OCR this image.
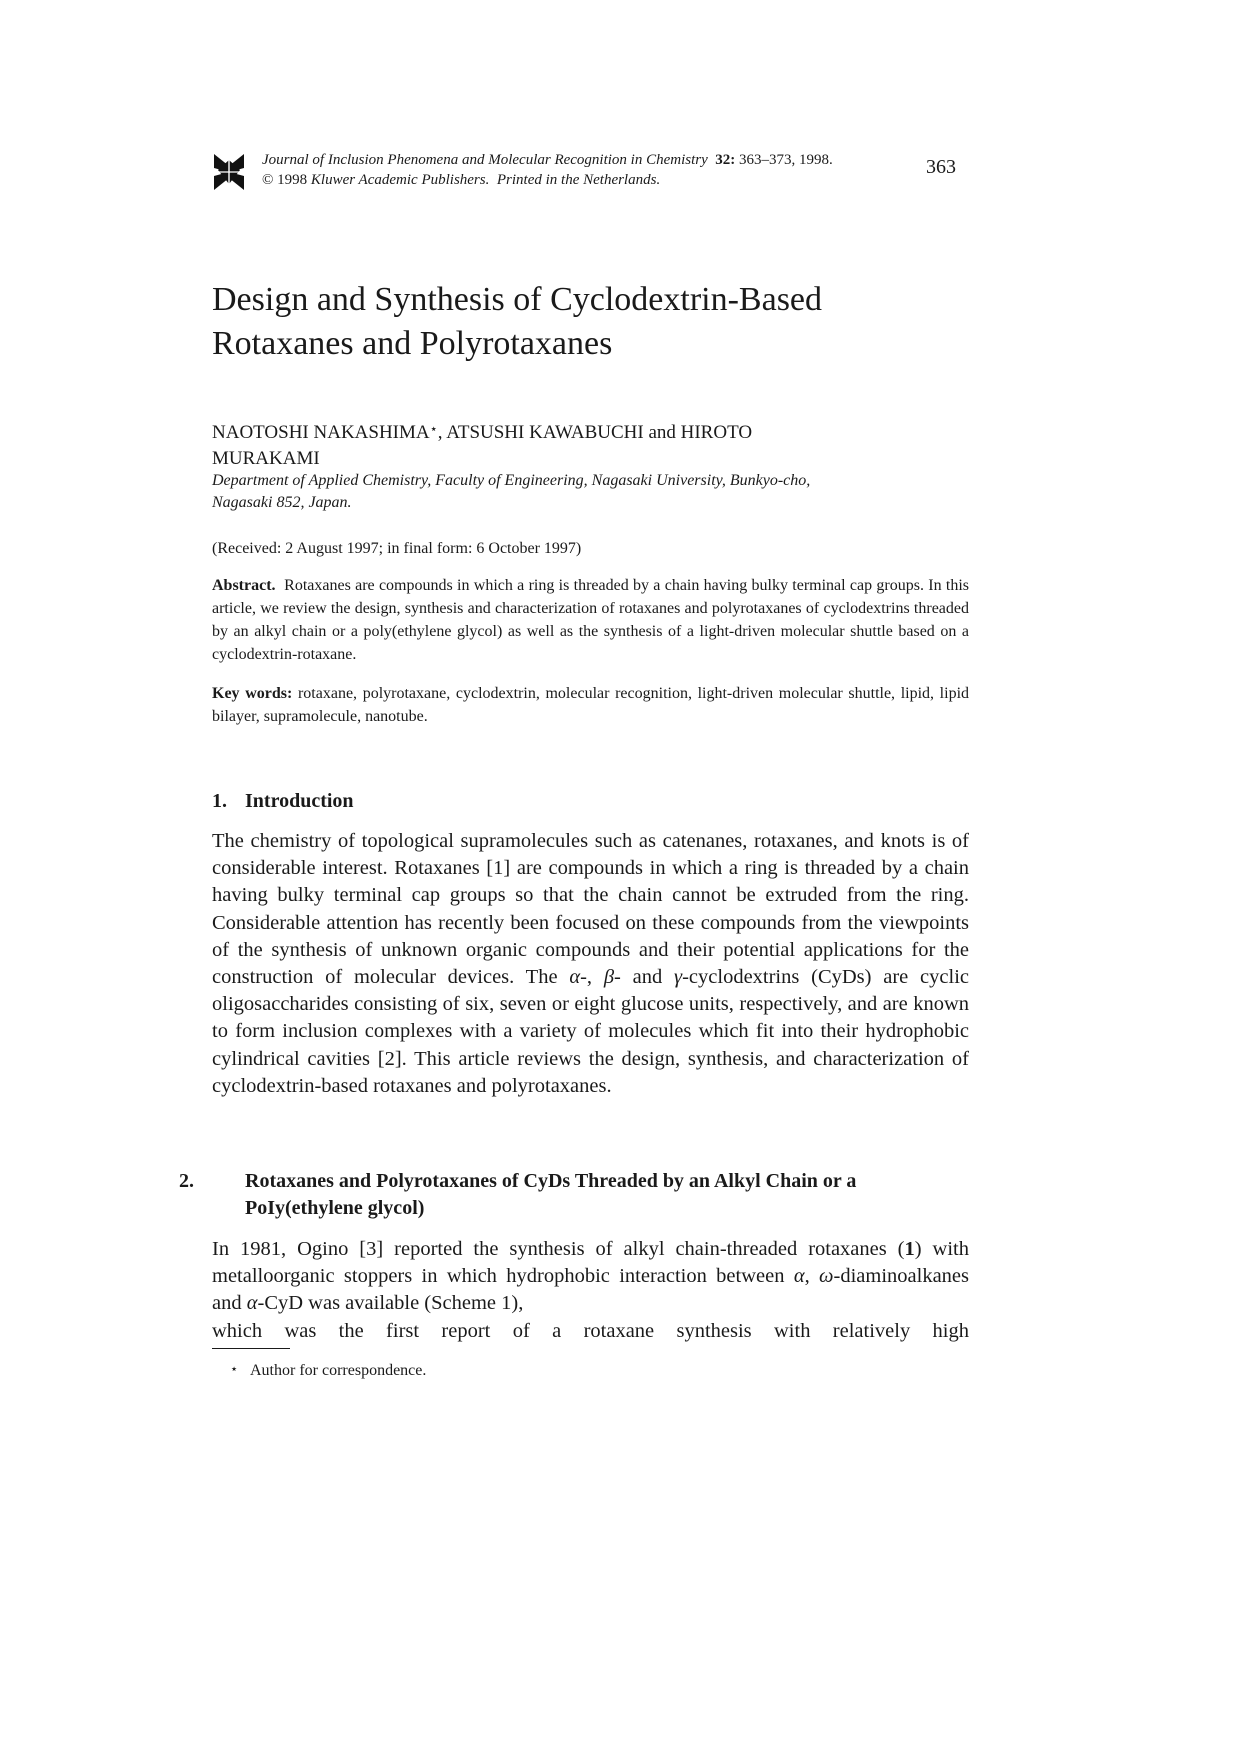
Journal of Inclusion Phenomena and Molecular Recognition in Chemistry 32: 363–373, 1998.
© 1998 Kluwer Academic Publishers. Printed in the Netherlands.
363
Design and Synthesis of Cyclodextrin-Based
Rotaxanes and Polyrotaxanes

NAOTOSHI NAKASHIMA⋆, ATSUSHI KAWABUCHI and HIROTO
MURAKAMI

Department of Applied Chemistry, Faculty of Engineering, Nagasaki University, Bunkyo-cho,
Nagasaki 852, Japan.

(Received: 2 August 1997; in final form: 6 October 1997)

Abstract. Rotaxanes are compounds in which a ring is threaded by a chain having bulky terminal cap groups. In this article, we review the design, synthesis and characterization of rotaxanes and polyrotaxanes of cyclodextrins threaded by an alkyl chain or a poly(ethylene glycol) as well as the synthesis of a light-driven molecular shuttle based on a cyclodextrin-rotaxane.

Key words: rotaxane, polyrotaxane, cyclodextrin, molecular recognition, light-driven molecular shuttle, lipid, lipid bilayer, supramolecule, nanotube.

1. Introduction

The chemistry of topological supramolecules such as catenanes, rotaxanes, and knots is of considerable interest. Rotaxanes [1] are compounds in which a ring is threaded by a chain having bulky terminal cap groups so that the chain cannot be extruded from the ring. Considerable attention has recently been focused on these compounds from the viewpoints of the synthesis of unknown organic compounds and their potential applications for the construction of molecular devices. The α-, β- and γ-cyclodextrins (CyDs) are cyclic oligosaccharides consisting of six, seven or eight glucose units, respectively, and are known to form inclusion complexes with a variety of molecules which fit into their hydrophobic cylindrical cavities [2]. This article reviews the design, synthesis, and characterization of cyclodextrin-based rotaxanes and polyrotaxanes.

2.	Rotaxanes and Polyrotaxanes of CyDs Threaded by an Alkyl Chain or a PoIy(ethylene glycol)

In 1981, Ogino [3] reported the synthesis of alkyl chain-threaded rotaxanes (1) with metalloorganic stoppers in which hydrophobic interaction between α, ω-diaminoalkanes and α-CyD was available (Scheme 1),
which was the first report of a rotaxane synthesis with relatively high

⋆ Author for correspondence.
